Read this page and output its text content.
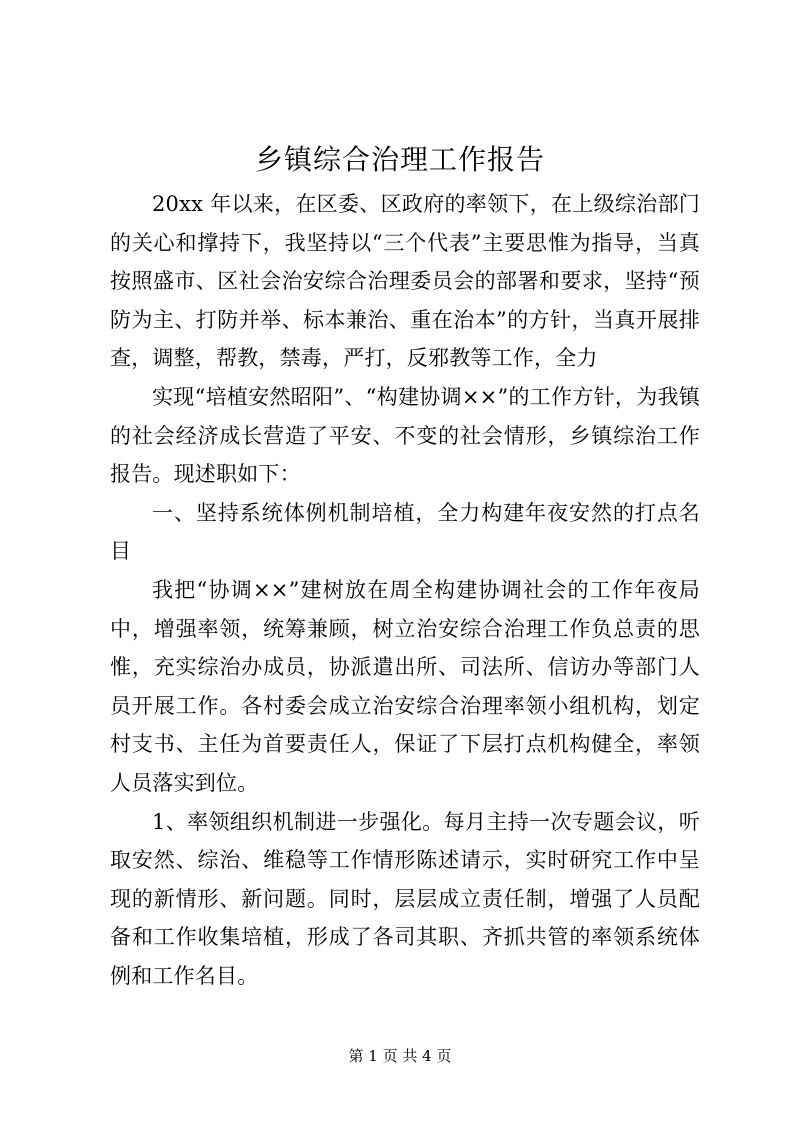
乡镇综合治理工作报告

20xx 年以来，在区委、区政府的率领下，在上级综治部门的关心和撑持下，我坚持以“三个代表”主要思惟为指导，当真按照盛市、区社会治安综合治理委员会的部署和要求，坚持“预防为主、打防并举、标本兼治、重在治本”的方针，当真开展排查，调整，帮教，禁毒，严打，反邪教等工作，全力

实现“培植安然昭阳”、“构建协调××”的工作方针，为我镇的社会经济成长营造了平安、不变的社会情形，乡镇综治工作报告。现述职如下：

一、坚持系统体例机制培植，全力构建年夜安然的打点名目

我把“协调××”建树放在周全构建协调社会的工作年夜局中，增强率领，统筹兼顾，树立治安综合治理工作负总责的思惟，充实综治办成员，协派遣出所、司法所、信访办等部门人员开展工作。各村委会成立治安综合治理率领小组机构，划定村支书、主任为首要责任人，保证了下层打点机构健全，率领人员落实到位。

1、率领组织机制进一步强化。每月主持一次专题会议，听取安然、综治、维稳等工作情形陈述请示，实时研究工作中呈现的新情形、新问题。同时，层层成立责任制，增强了人员配备和工作收集培植，形成了各司其职、齐抓共管的率领系统体例和工作名目。

第 1 页 共 4 页
